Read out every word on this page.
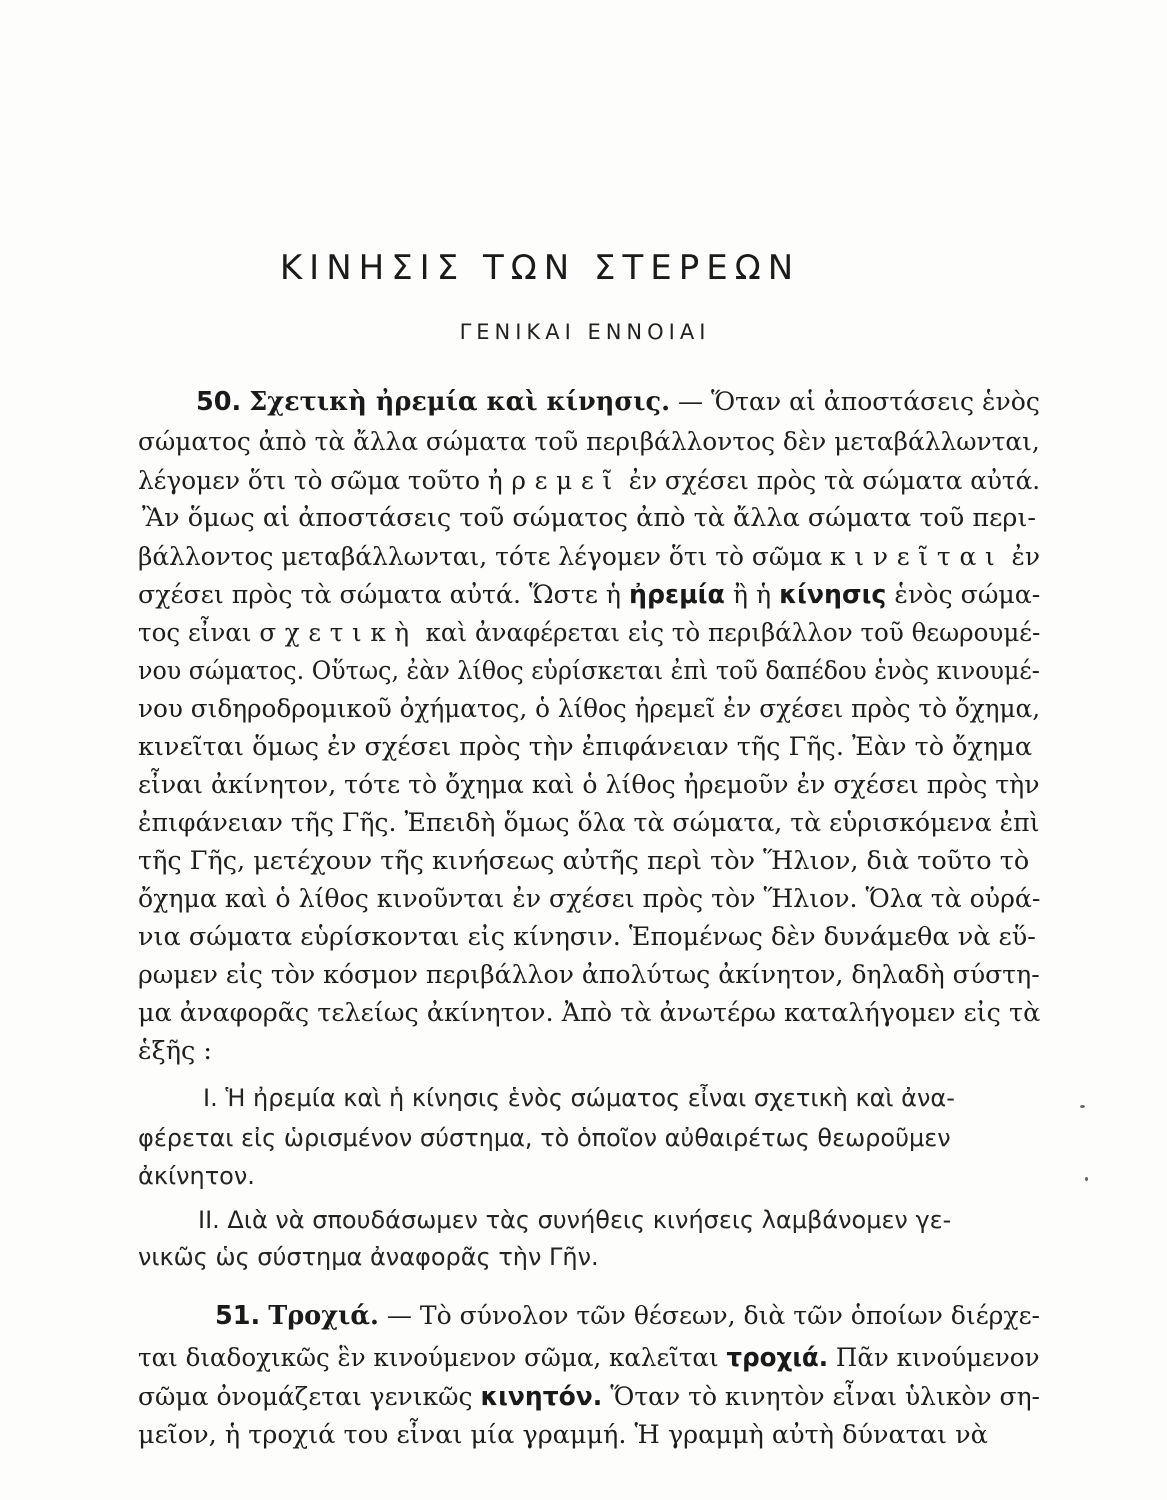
ΚΙΝΗΣΙΣ ΤΩΝ ΣΤΕΡΕΩΝ
ΓΕΝΙΚΑΙ ΕΝΝΟΙΑΙ

50. Σχετικὴ ἠρεμία καὶ κίνησις. — Ὅταν αἱ ἀποστάσεις ἑνὸς

σώματος ἀπὸ τὰ ἄλλα σώματα τοῦ περιβάλλοντος δὲν μεταβάλλωνται,

λέγομεν ὅτι τὸ σῶμα τοῦτο ἠρεμεῖ ἐν σχέσει πρὸς τὰ σώματα αὐτά.

Ἂν ὅμως αἱ ἀποστάσεις τοῦ σώματος ἀπὸ τὰ ἄλλα σώματα τοῦ περι-

βάλλοντος μεταβάλλωνται, τότε λέγομεν ὅτι τὸ σῶμα κινεῖται ἐν

σχέσει πρὸς τὰ σώματα αὐτά. Ὥστε ἡ ἠρεμία ἢ ἡ κίνησις ἑνὸς σώμα-

τος εἶναι σχετικὴ καὶ ἀναφέρεται εἰς τὸ περιβάλλον τοῦ θεωρουμέ-

νου σώματος. Οὕτως, ἐὰν λίθος εὑρίσκεται ἐπὶ τοῦ δαπέδου ἑνὸς κινουμέ-

νου σιδηροδρομικοῦ ὀχήματος, ὁ λίθος ἠρεμεῖ ἐν σχέσει πρὸς τὸ ὄχημα,

κινεῖται ὅμως ἐν σχέσει πρὸς τὴν ἐπιφάνειαν τῆς Γῆς. Ἐὰν τὸ ὄχημα

εἶναι ἀκίνητον, τότε τὸ ὄχημα καὶ ὁ λίθος ἠρεμοῦν ἐν σχέσει πρὸς τὴν

ἐπιφάνειαν τῆς Γῆς. Ἐπειδὴ ὅμως ὅλα τὰ σώματα, τὰ εὑρισκόμενα ἐπὶ

τῆς Γῆς, μετέχουν τῆς κινήσεως αὐτῆς περὶ τὸν Ἥλιον, διὰ τοῦτο τὸ

ὄχημα καὶ ὁ λίθος κινοῦνται ἐν σχέσει πρὸς τὸν Ἥλιον. Ὅλα τὰ οὐρά-

νια σώματα εὑρίσκονται εἰς κίνησιν. Ἑπομένως δὲν δυνάμεθα νὰ εὕ-

ρωμεν εἰς τὸν κόσμον περιβάλλον ἀπολύτως ἀκίνητον, δηλαδὴ σύστη-

μα ἀναφορᾶς τελείως ἀκίνητον. Ἀπὸ τὰ ἀνωτέρω καταλήγομεν εἰς τὰ

ἑξῆς :

I. Ἡ ἠρεμία καὶ ἡ κίνησις ἑνὸς σώματος εἶναι σχετικὴ καὶ ἀνα-

φέρεται εἰς ὡρισμένον σύστημα, τὸ ὁποῖον αὐθαιρέτως θεωροῦμεν

ἀκίνητον.

II. Διὰ νὰ σπουδάσωμεν τὰς συνήθεις κινήσεις λαμβάνομεν γε-

νικῶς ὡς σύστημα ἀναφορᾶς τὴν Γῆν.

51. Τροχιά. — Τὸ σύνολον τῶν θέσεων, διὰ τῶν ὁποίων διέρχε-

ται διαδοχικῶς ἓν κινούμενον σῶμα, καλεῖται τροχιά. Πᾶν κινούμενον

σῶμα ὀνομάζεται γενικῶς κινητόν. Ὅταν τὸ κινητὸν εἶναι ὑλικὸν ση-

μεῖον, ἡ τροχιά του εἶναι μία γραμμή. Ἡ γραμμὴ αὐτὴ δύναται νὰ
